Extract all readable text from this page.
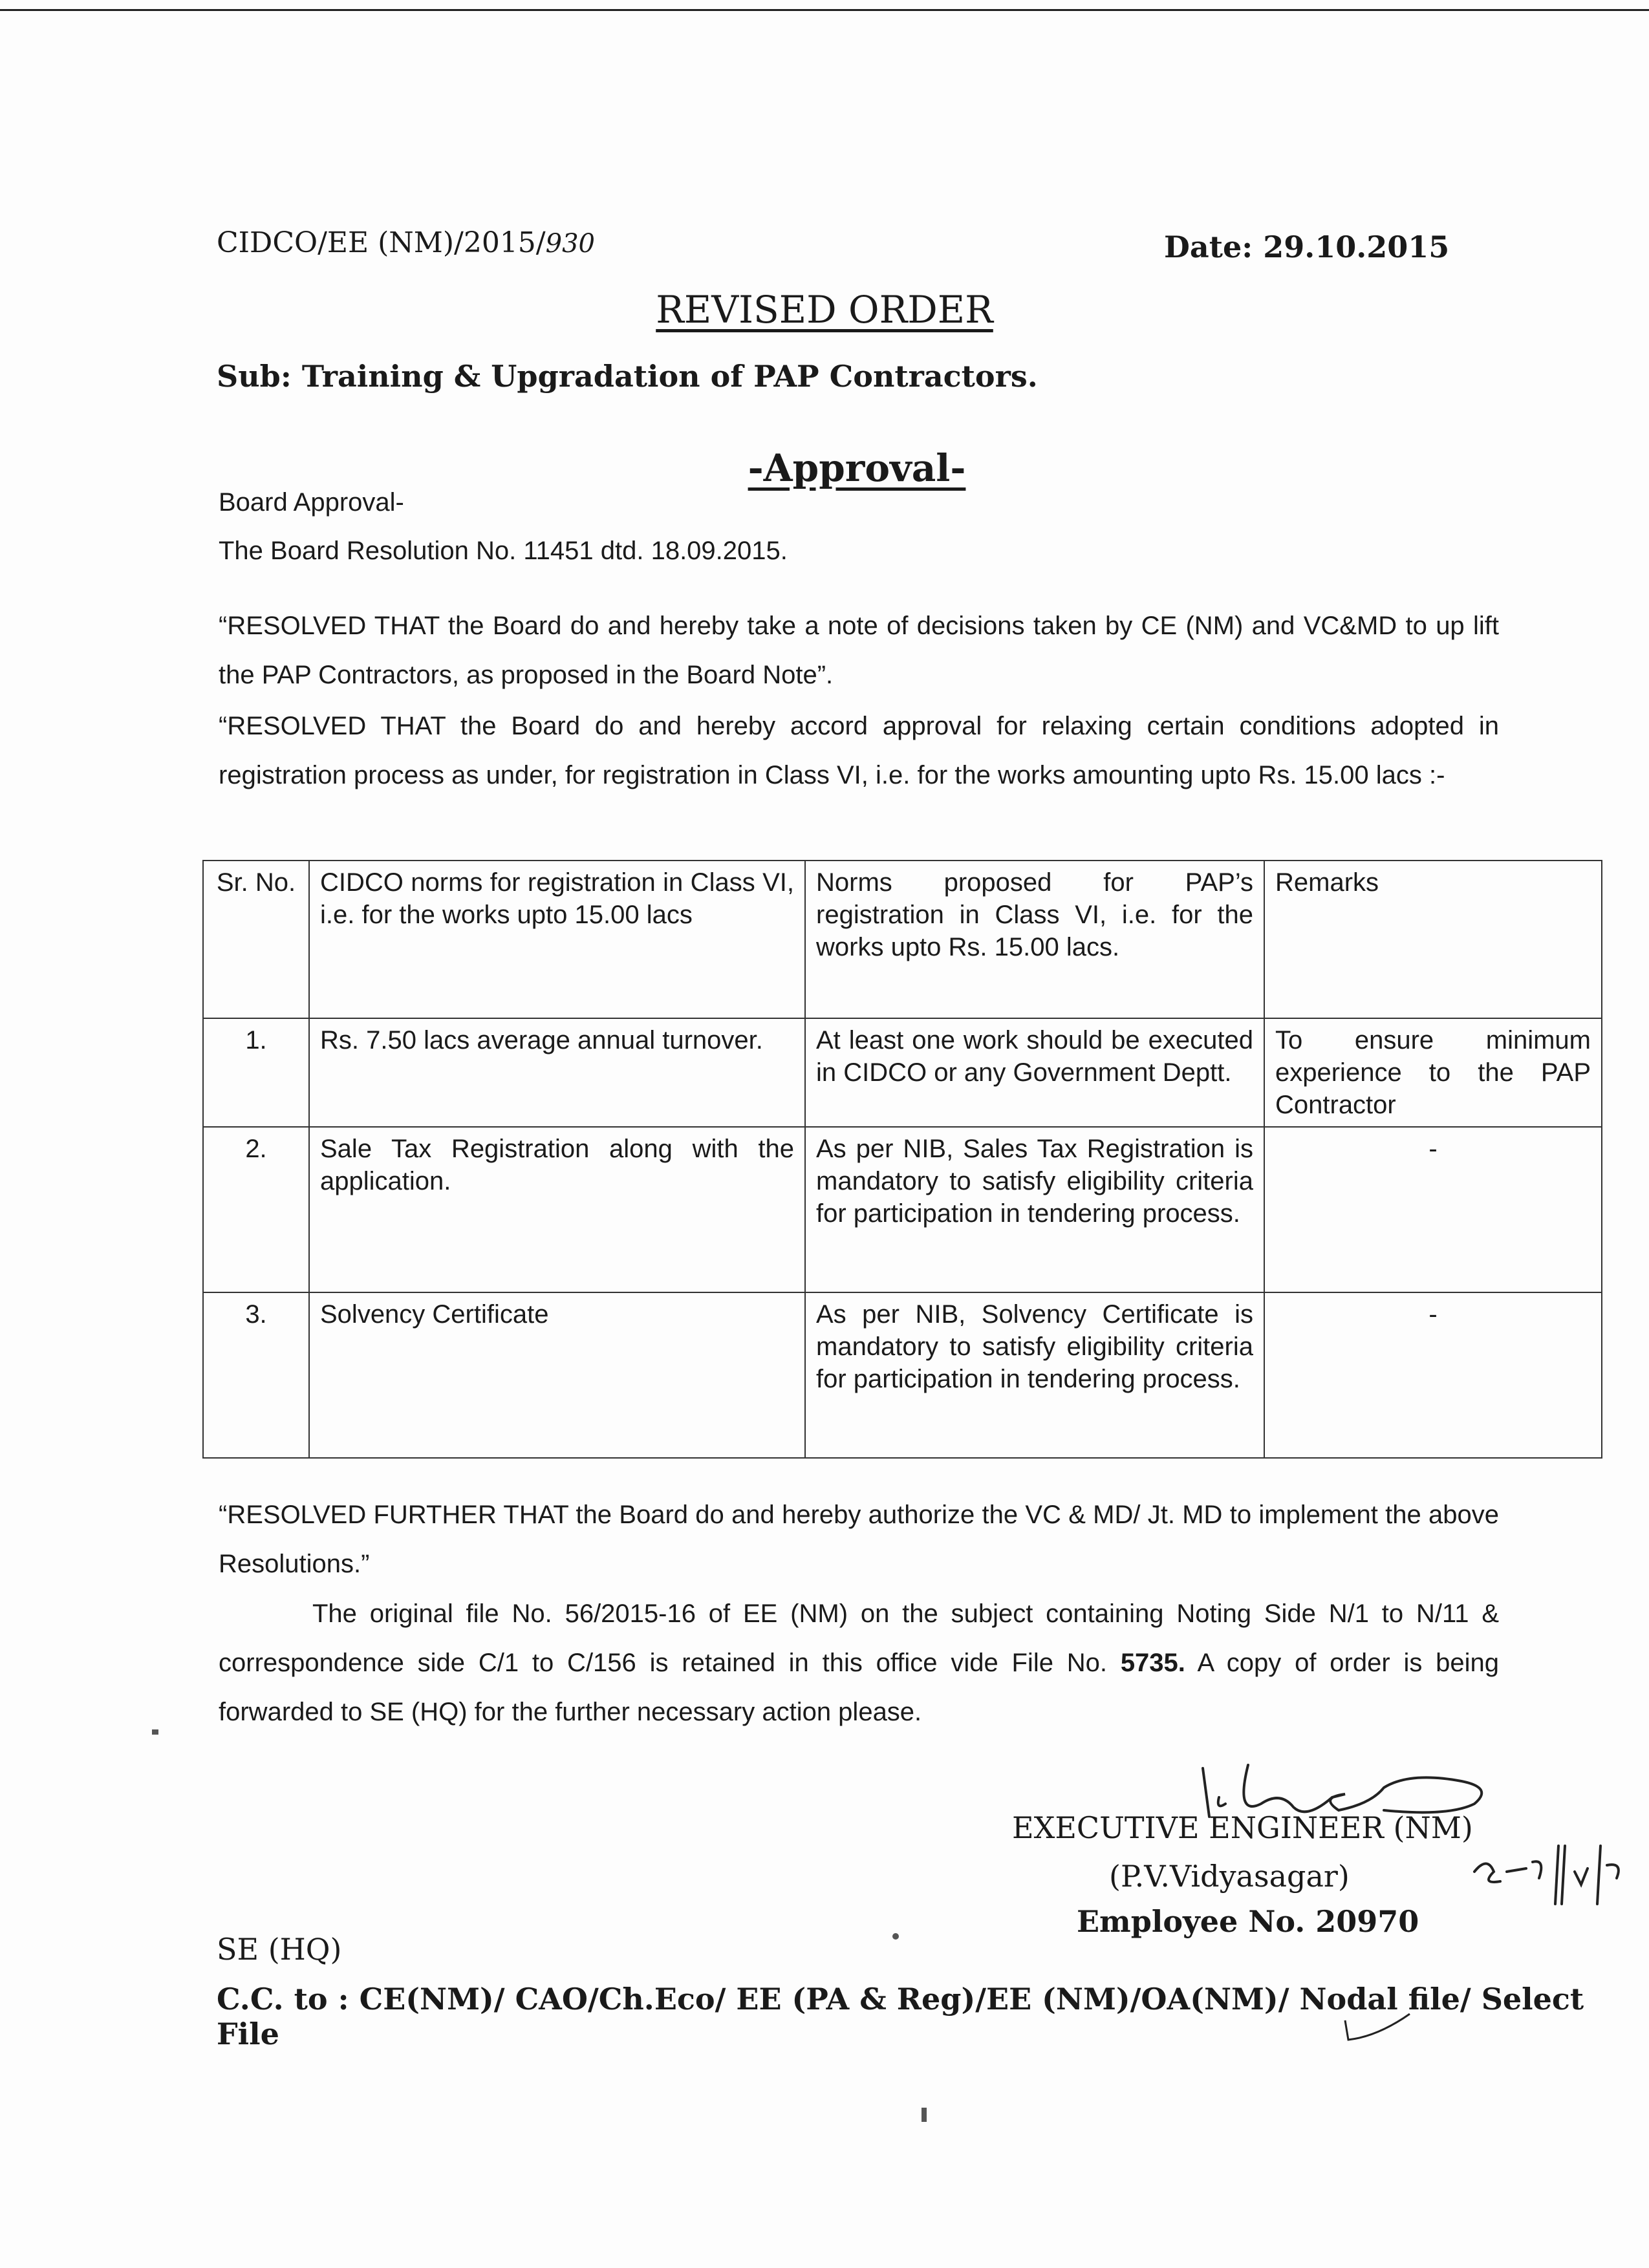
CIDCO/EE (NM)/2015/930	Date: 29.10.2015
REVISED ORDER
Sub: Training & Upgradation of PAP Contractors.
-Approval-
Board Approval-
The Board Resolution No. 11451 dtd. 18.09.2015.
“RESOLVED THAT the Board do and hereby take a note of decisions taken by CE (NM) and VC&MD to up lift the PAP Contractors, as proposed in the Board Note”.
“RESOLVED THAT the Board do and hereby accord approval for relaxing certain conditions adopted in registration process as under, for registration in Class VI, i.e. for the works amounting upto Rs. 15.00 lacs :-
Sr. No.	CIDCO norms for registration in Class VI, i.e. for the works upto 15.00 lacs	Norms proposed for PAP’s registration in Class VI, i.e. for the works upto Rs. 15.00 lacs.	Remarks
1.	Rs. 7.50 lacs average annual turnover.	At least one work should be executed in CIDCO or any Government Deptt.	To ensure minimum experience to the PAP Contractor
2.	Sale Tax Registration along with the application.	As per NIB, Sales Tax Registration is mandatory to satisfy eligibility criteria for participation in tendering process.	-
3.	Solvency Certificate	As per NIB, Solvency Certificate is mandatory to satisfy eligibility criteria for participation in tendering process.	-
“RESOLVED FURTHER THAT the Board do and hereby authorize the VC & MD/ Jt. MD to implement the above Resolutions.”
The original file No. 56/2015-16 of EE (NM) on the subject containing Noting Side N/1 to N/11 & correspondence side C/1 to C/156 is retained in this office vide File No. 5735. A copy of order is being forwarded to SE (HQ) for the further necessary action please.
EXECUTIVE ENGINEER (NM)
(P.V.Vidyasagar)
Employee No. 20970
SE (HQ)
C.C. to : CE(NM)/ CAO/Ch.Eco/ EE (PA & Reg)/EE (NM)/OA(NM)/ Nodal file/ Select File
